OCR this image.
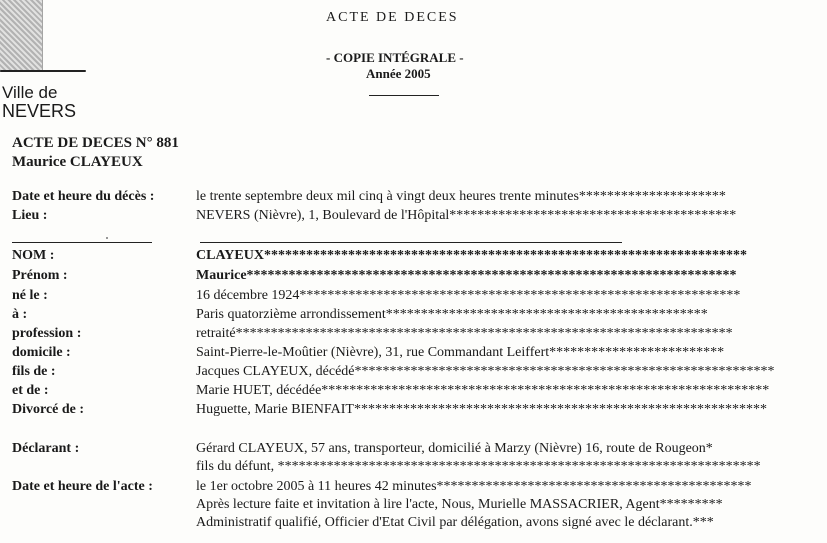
Ville de
NEVERS
ACTE DE DECES
- COPIE INTÉGRALE -
Année 2005
ACTE DE DECES N° 881
Maurice CLAYEUX
Date et heure du décès :	le trente septembre deux mil cinq à vingt deux heures trente minutes*********************
Lieu :	NEVERS (Nièvre), 1, Boulevard de l'Hôpital*****************************************
NOM :	CLAYEUX*********************************************************************
Prénom :	Maurice**********************************************************************
né le :	16 décembre 1924***************************************************************
à :	Paris quatorzième arrondissement**********************************************
profession :	retraité***********************************************************************
domicile :	Saint-Pierre-le-Moûtier (Nièvre), 31, rue Commandant Leiffert*************************
fils de :	Jacques CLAYEUX, décédé************************************************************
et de :	Marie HUET, décédée****************************************************************
Divorcé de :	Huguette, Marie BIENFAIT***********************************************************
Déclarant :	Gérard CLAYEUX, 57 ans, transporteur, domicilié à Marzy (Nièvre) 16, route de Rougeon*
fils du défunt, *********************************************************************
Date et heure de l'acte :	le 1er octobre 2005 à 11 heures 42 minutes*********************************************
Après lecture faite et invitation à lire l'acte, Nous, Murielle MASSACRIER, Agent*********
Administratif qualifié, Officier d'Etat Civil par délégation, avons signé avec le déclarant.***
